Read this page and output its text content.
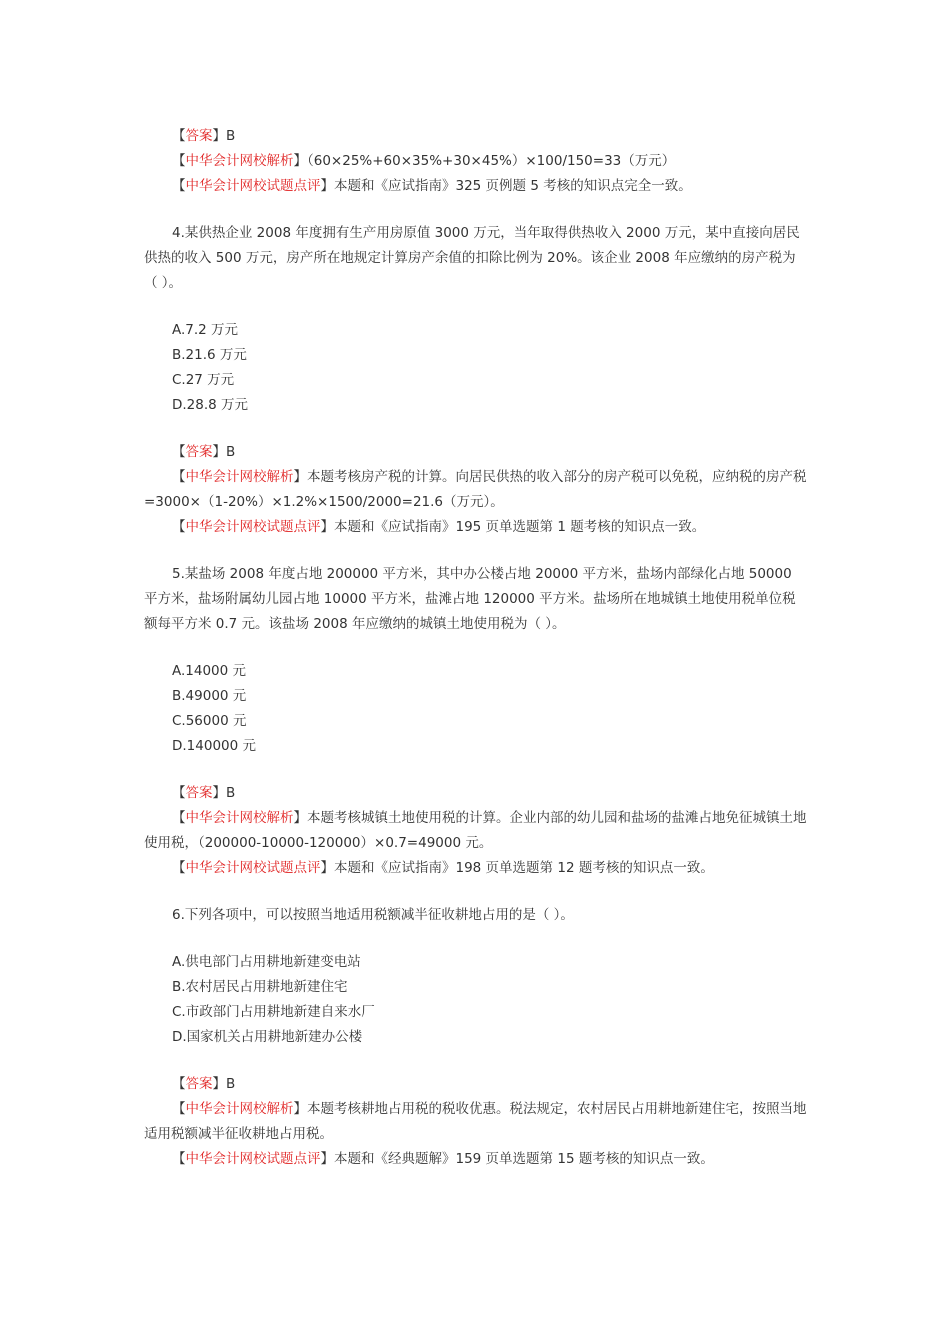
【答案】B
【中华会计网校解析】（60×25%+60×35%+30×45%）×100/150=33（万元）
【中华会计网校试题点评】本题和《应试指南》325 页例题 5 考核的知识点完全一致。
4.某供热企业 2008 年度拥有生产用房原值 3000 万元，当年取得供热收入 2000 万元，某中直接向居民供热的收入 500 万元，房产所在地规定计算房产余值的扣除比例为 20%。该企业 2008 年应缴纳的房产税为（ ）。
A.7.2 万元
B.21.6 万元
C.27 万元
D.28.8 万元
【答案】B
【中华会计网校解析】本题考核房产税的计算。向居民供热的收入部分的房产税可以免税，应纳税的房产税=3000×（1-20%）×1.2%×1500/2000=21.6（万元）。
【中华会计网校试题点评】本题和《应试指南》195 页单选题第 1 题考核的知识点一致。
5.某盐场 2008 年度占地 200000 平方米，其中办公楼占地 20000 平方米，盐场内部绿化占地 50000 平方米，盐场附属幼儿园占地 10000 平方米，盐滩占地 120000 平方米。盐场所在地城镇土地使用税单位税额每平方米 0.7 元。该盐场 2008 年应缴纳的城镇土地使用税为（ ）。
A.14000 元
B.49000 元
C.56000 元
D.140000 元
【答案】B
【中华会计网校解析】本题考核城镇土地使用税的计算。企业内部的幼儿园和盐场的盐滩占地免征城镇土地使用税，（200000-10000-120000）×0.7=49000 元。
【中华会计网校试题点评】本题和《应试指南》198 页单选题第 12 题考核的知识点一致。
6.下列各项中，可以按照当地适用税额减半征收耕地占用的是（ ）。
A.供电部门占用耕地新建变电站
B.农村居民占用耕地新建住宅
C.市政部门占用耕地新建自来水厂
D.国家机关占用耕地新建办公楼
【答案】B
【中华会计网校解析】本题考核耕地占用税的税收优惠。税法规定，农村居民占用耕地新建住宅，按照当地适用税额减半征收耕地占用税。
【中华会计网校试题点评】本题和《经典题解》159 页单选题第 15 题考核的知识点一致。
